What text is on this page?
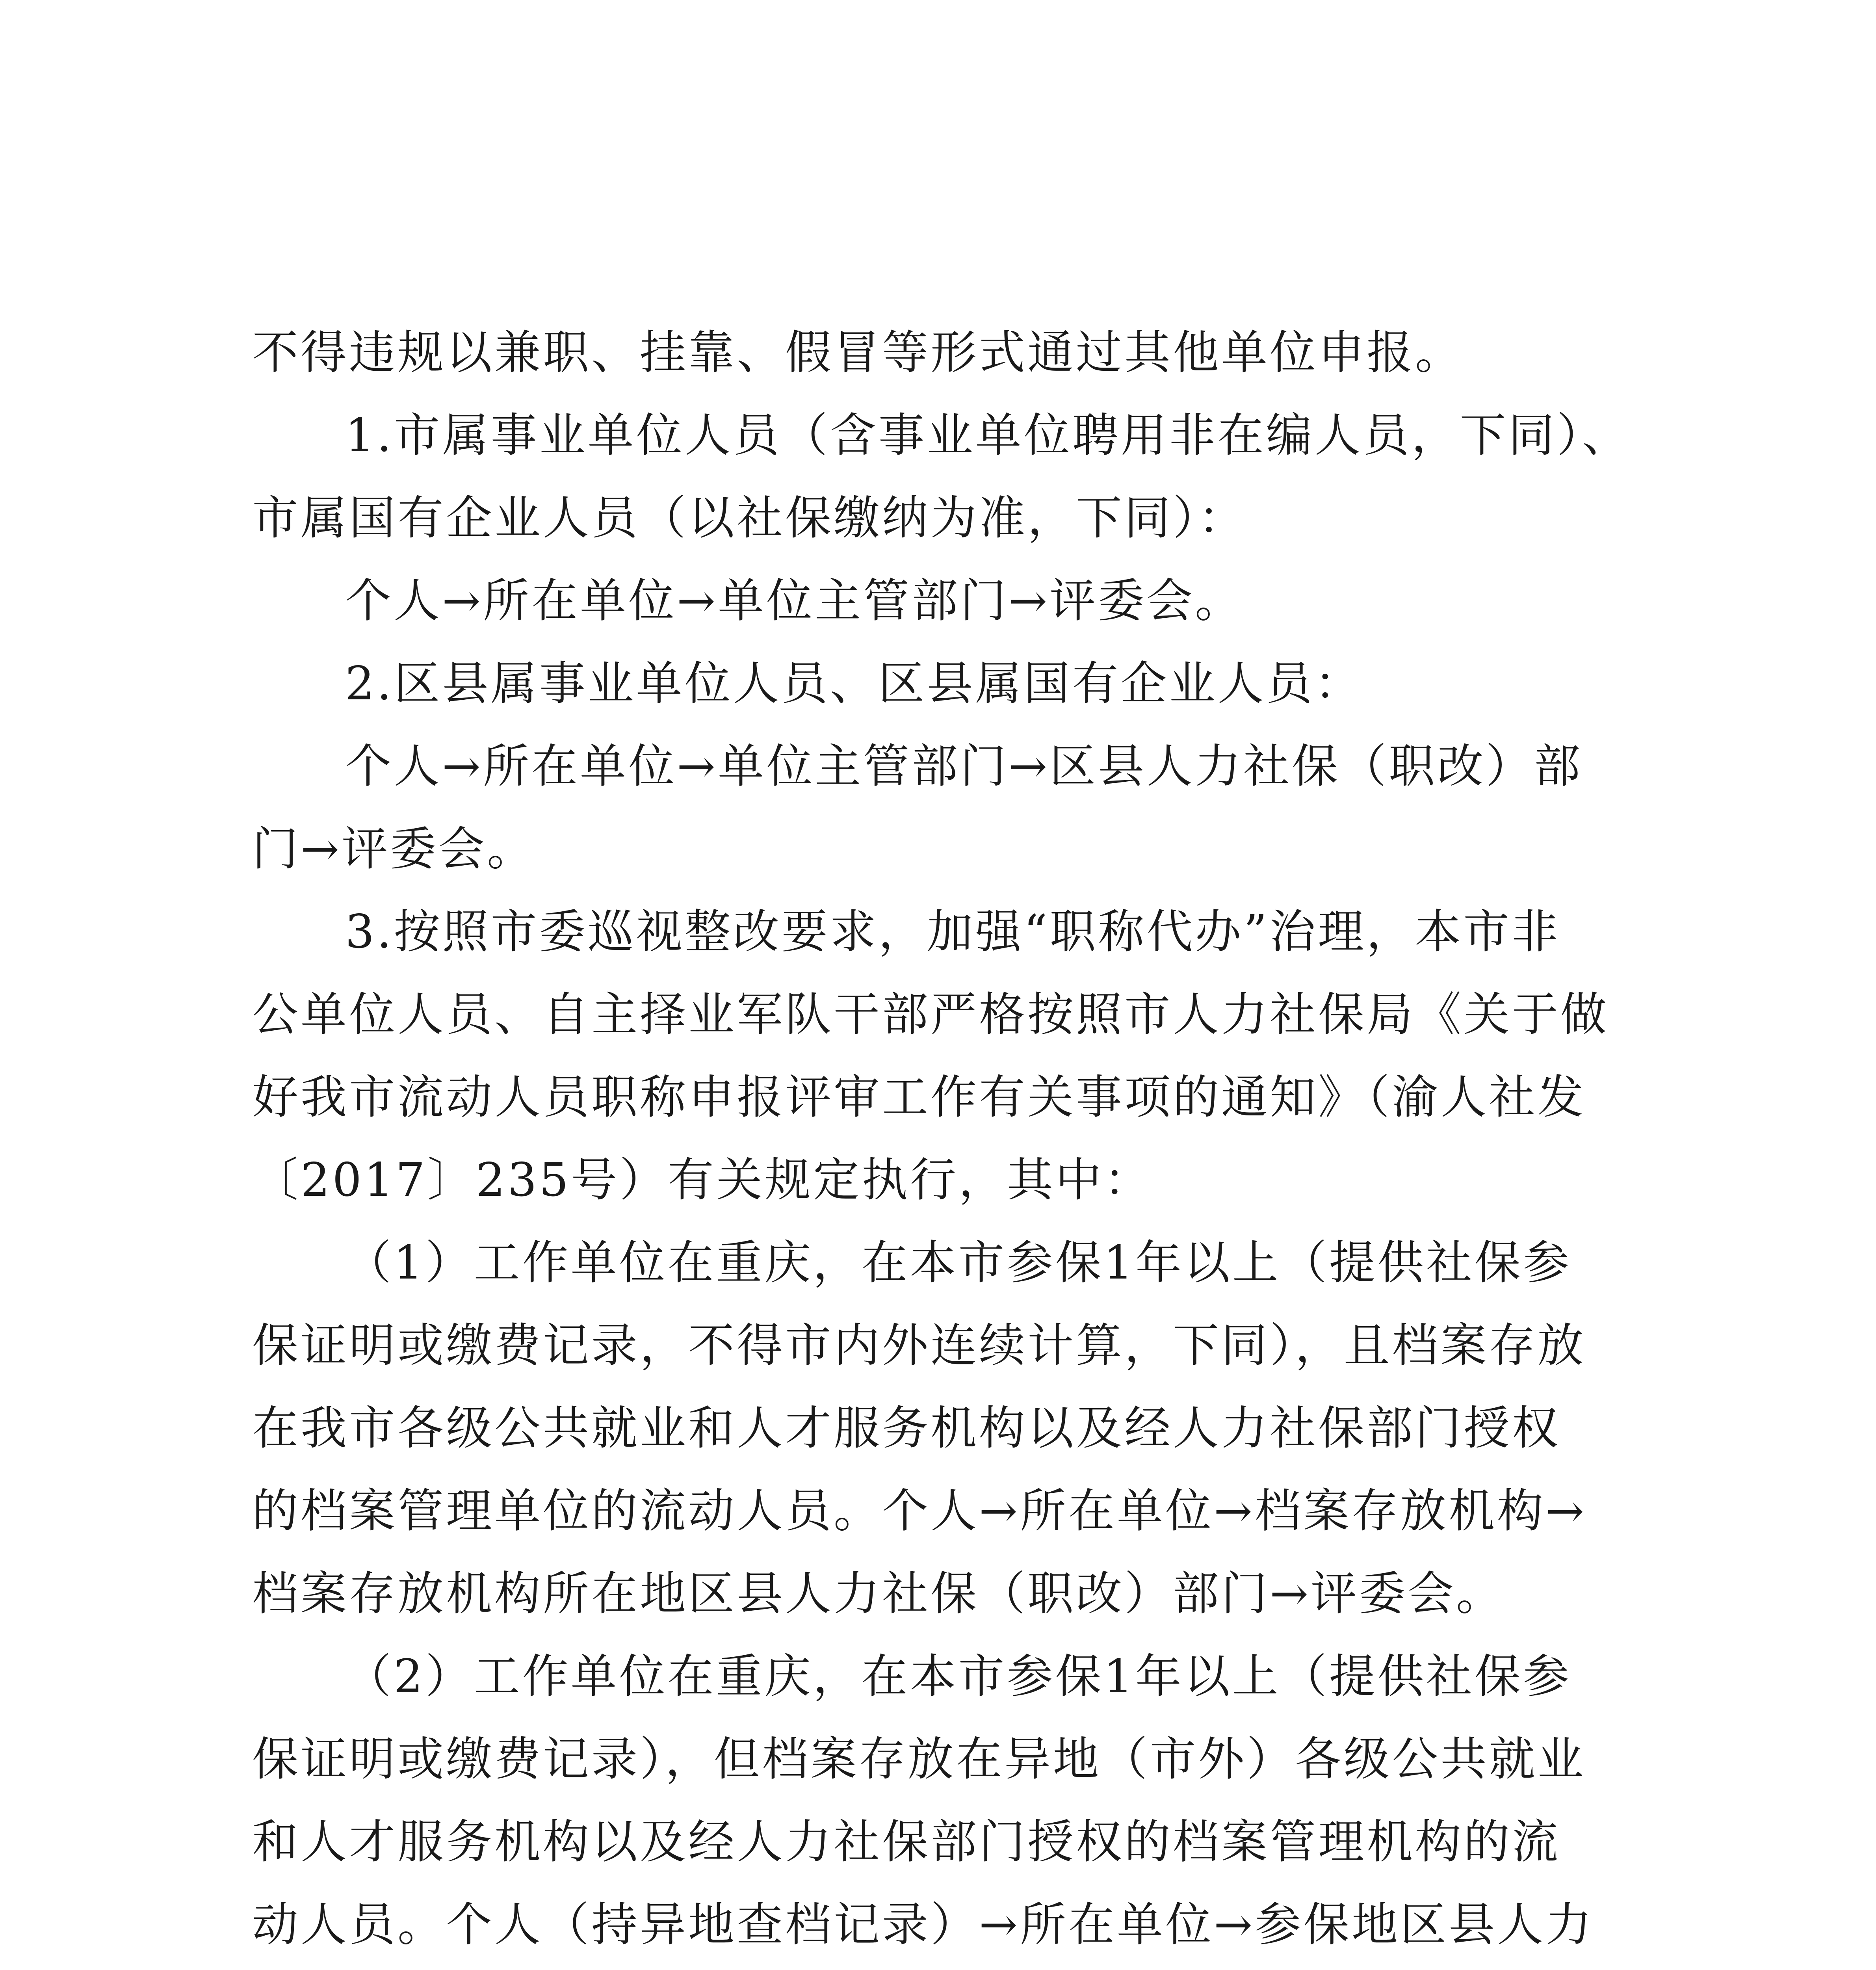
不得违规以兼职、挂靠、假冒等形式通过其他单位申报。
1.市属事业单位人员（含事业单位聘用非在编人员，下同）、
市属国有企业人员（以社保缴纳为准，下同）：
个人→所在单位→单位主管部门→评委会。
2.区县属事业单位人员、区县属国有企业人员：
个人→所在单位→单位主管部门→区县人力社保（职改）部
门→评委会。
3.按照市委巡视整改要求，加强“职称代办”治理，本市非
公单位人员、自主择业军队干部严格按照市人力社保局《关于做
好我市流动人员职称申报评审工作有关事项的通知》（渝人社发
〔2017〕235号）有关规定执行，其中：
（1）工作单位在重庆，在本市参保1年以上（提供社保参
保证明或缴费记录，不得市内外连续计算，下同），且档案存放
在我市各级公共就业和人才服务机构以及经人力社保部门授权
的档案管理单位的流动人员。个人→所在单位→档案存放机构→
档案存放机构所在地区县人力社保（职改）部门→评委会。
（2）工作单位在重庆，在本市参保1年以上（提供社保参
保证明或缴费记录），但档案存放在异地（市外）各级公共就业
和人才服务机构以及经人力社保部门授权的档案管理机构的流
动人员。个人（持异地查档记录）→所在单位→参保地区县人力
